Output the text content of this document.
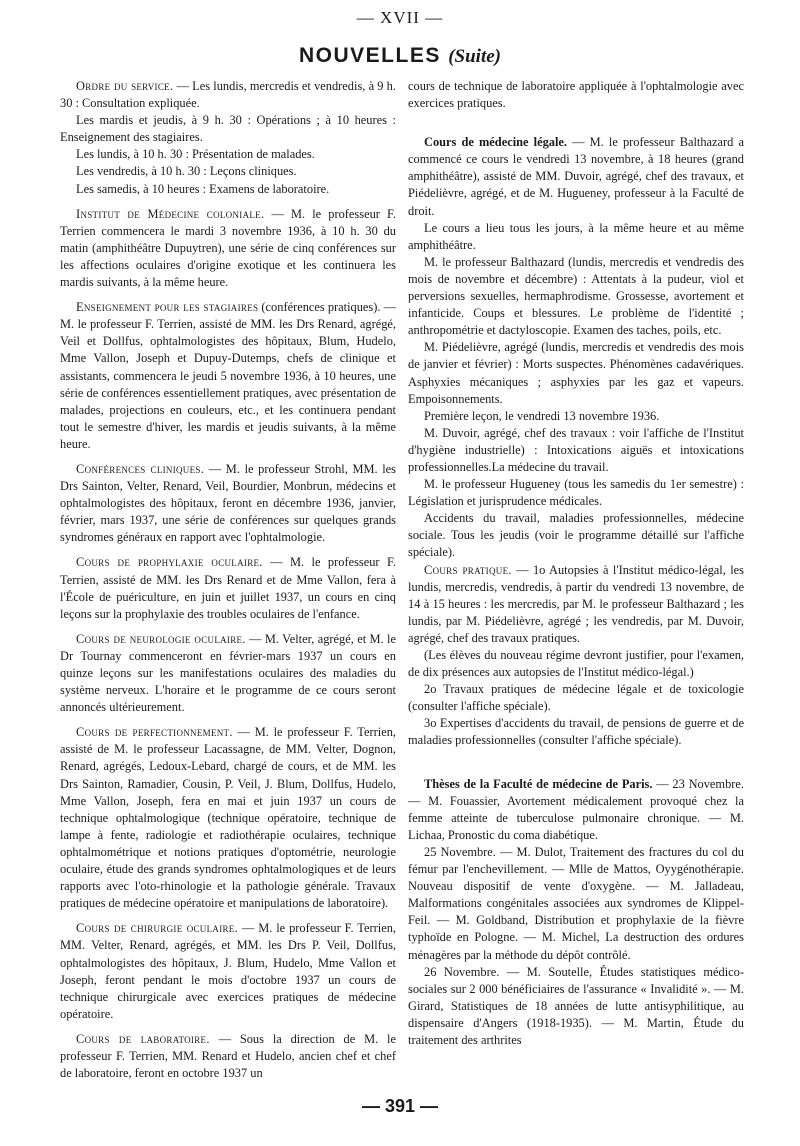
— XVII —
NOUVELLES (Suite)

Ordre du service. — Les lundis, mercredis et vendredis, à 9 h. 30 : Consultation expliquée.

Les mardis et jeudis, à 9 h. 30 : Opérations ; à 10 heures : Enseignement des stagiaires.

Les lundis, à 10 h. 30 : Présentation de malades.

Les vendredis, à 10 h. 30 : Leçons cliniques.

Les samedis, à 10 heures : Examens de laboratoire.

Institut de Médecine coloniale. — M. le professeur F. Terrien commencera le mardi 3 novembre 1936, à 10 h. 30 du matin (amphithéâtre Dupuytren), une série de cinq conférences sur les affections oculaires d'origine exotique et les continuera les mardis suivants, à la même heure.

Enseignement pour les stagiaires (conférences pratiques). — M. le professeur F. Terrien, assisté de MM. les Drs Renard, agrégé, Veil et Dollfus, ophtalmologistes des hôpitaux, Blum, Hudelo, Mme Vallon, Joseph et Dupuy-Dutemps, chefs de clinique et assistants, commencera le jeudi 5 novembre 1936, à 10 heures, une série de conférences essentiellement pratiques, avec présentation de malades, projections en couleurs, etc., et les continuera pendant tout le semestre d'hiver, les mardis et jeudis suivants, à la même heure.

Conférences cliniques. — M. le professeur Strohl, MM. les Drs Sainton, Velter, Renard, Veil, Bourdier, Monbrun, médecins et ophtalmologistes des hôpitaux, feront en décembre 1936, janvier, février, mars 1937, une série de conférences sur quelques grands syndromes généraux en rapport avec l'ophtalmologie.

Cours de prophylaxie oculaire. — M. le professeur F. Terrien, assisté de MM. les Drs Renard et de Mme Vallon, fera à l'École de puériculture, en juin et juillet 1937, un cours en cinq leçons sur la prophylaxie des troubles oculaires de l'enfance.

Cours de neurologie oculaire. — M. Velter, agrégé, et M. le Dr Tournay commenceront en février-mars 1937 un cours en quinze leçons sur les manifestations oculaires des maladies du système nerveux. L'horaire et le programme de ce cours seront annoncés ultérieurement.

Cours de perfectionnement. — M. le professeur F. Terrien, assisté de M. le professeur Lacassagne, de MM. Velter, Dognon, Renard, agrégés, Ledoux-Lebard, chargé de cours, et de MM. les Drs Sainton, Ramadier, Cousin, P. Veil, J. Blum, Dollfus, Hudelo, Mme Vallon, Joseph, fera en mai et juin 1937 un cours de technique ophtalmologique (technique opératoire, technique de lampe à fente, radiologie et radiothérapie oculaires, technique ophtalmométrique et notions pratiques d'optométrie, neurologie oculaire, étude des grands syndromes ophtalmologiques et de leurs rapports avec l'oto-rhinologie et la pathologie générale. Travaux pratiques de médecine opératoire et manipulations de laboratoire).

Cours de chirurgie oculaire. — M. le professeur F. Terrien, MM. Velter, Renard, agrégés, et MM. les Drs P. Veil, Dollfus, ophtalmologistes des hôpitaux, J. Blum, Hudelo, Mme Vallon et Joseph, feront pendant le mois d'octobre 1937 un cours de technique chirurgicale avec exercices pratiques de médecine opératoire.

Cours de laboratoire. — Sous la direction de M. le professeur F. Terrien, MM. Renard et Hudelo, ancien chef et chef de laboratoire, feront en octobre 1937 un

cours de technique de laboratoire appliquée à l'ophtalmologie avec exercices pratiques.

Cours de médecine légale. — M. le professeur Balthazard a commencé ce cours le vendredi 13 novembre, à 18 heures (grand amphithéâtre), assisté de MM. Duvoir, agrégé, chef des travaux, et Piédelièvre, agrégé, et de M. Hugueney, professeur à la Faculté de droit.

Le cours a lieu tous les jours, à la même heure et au même amphithéâtre.

M. le professeur Balthazard (lundis, mercredis et vendredis des mois de novembre et décembre) : Attentats à la pudeur, viol et perversions sexuelles, hermaphrodisme. Grossesse, avortement et infanticide. Coups et blessures. Le problème de l'identité ; anthropométrie et dactyloscopie. Examen des taches, poils, etc.

M. Piédelièvre, agrégé (lundis, mercredis et vendredis des mois de janvier et février) : Morts suspectes. Phénomènes cadavériques. Asphyxies mécaniques ; asphyxies par les gaz et vapeurs. Empoisonnements.

Première leçon, le vendredi 13 novembre 1936.

M. Duvoir, agrégé, chef des travaux : voir l'affiche de l'Institut d'hygiène industrielle) : Intoxications aiguës et intoxications professionnelles.La médecine du travail.

M. le professeur Hugueney (tous les samedis du 1er semestre) : Législation et jurisprudence médicales.

Accidents du travail, maladies professionnelles, médecine sociale. Tous les jeudis (voir le programme détaillé sur l'affiche spéciale).

Cours pratique. — 1o Autopsies à l'Institut médico-légal, les lundis, mercredis, vendredis, à partir du vendredi 13 novembre, de 14 à 15 heures : les mercredis, par M. le professeur Balthazard ; les lundis, par M. Piédelièvre, agrégé ; les vendredis, par M. Duvoir, agrégé, chef des travaux pratiques.

(Les élèves du nouveau régime devront justifier, pour l'examen, de dix présences aux autopsies de l'Institut médico-légal.)

2o Travaux pratiques de médecine légale et de toxicologie (consulter l'affiche spéciale).

3o Expertises d'accidents du travail, de pensions de guerre et de maladies professionnelles (consulter l'affiche spéciale).

Thèses de la Faculté de médecine de Paris. — 23 Novembre. — M. Fouassier, Avortement médicalement provoqué chez la femme atteinte de tuberculose pulmonaire chronique. — M. Lichaa, Pronostic du coma diabétique.

25 Novembre. — M. Dulot, Traitement des fractures du col du fémur par l'enchevillement. — Mlle de Mattos, Oyygénothérapie. Nouveau dispositif de vente d'oxygène. — M. Jalladeau, Malformations congénitales associées aux syndromes de Klippel-Feil. — M. Goldband, Distribution et prophylaxie de la fièvre typhoïde en Pologne. — M. Michel, La destruction des ordures ménagères par la méthode du dépôt contrôlé.

26 Novembre. — M. Soutelle, Études statistiques médico-sociales sur 2 000 bénéficiaires de l'assurance « Invalidité ». — M. Girard, Statistiques de 18 années de lutte antisyphilitique, au dispensaire d'Angers (1918-1935). — M. Martin, Étude du traitement des arthrites

— 391 —
